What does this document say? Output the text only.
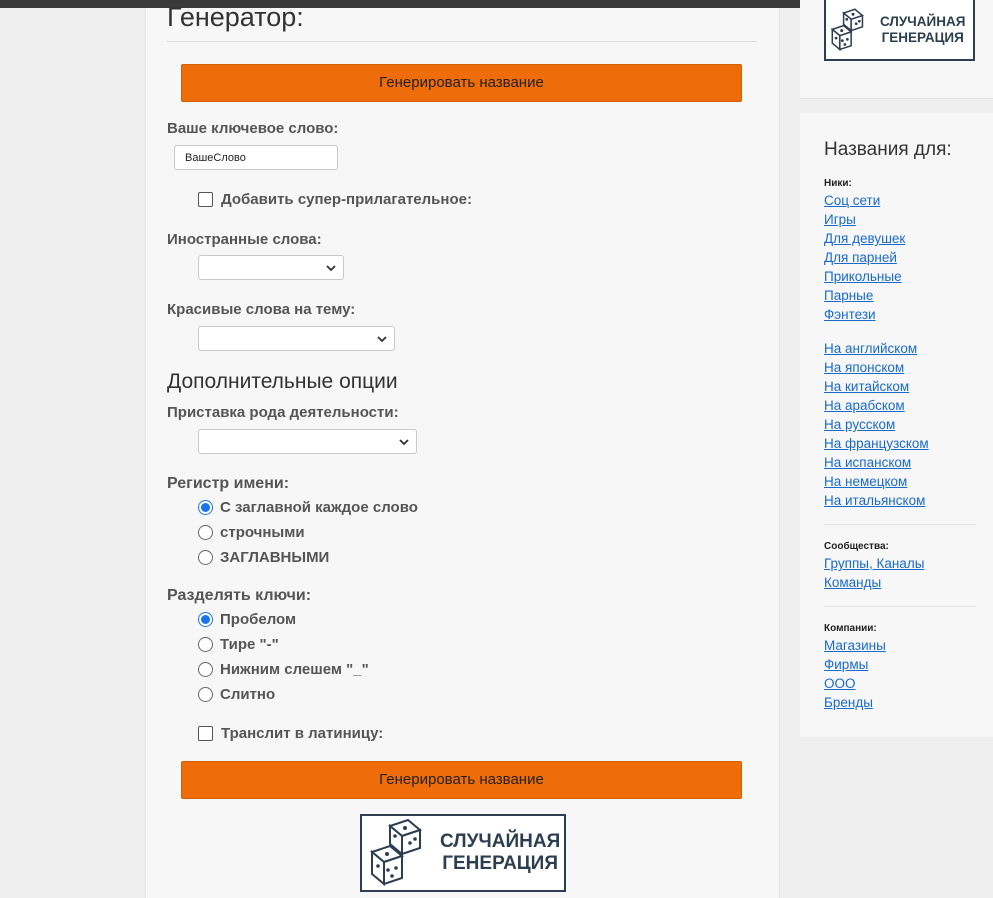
Генератор:
Генерировать название
Ваше ключевое слово:
ВашеСлово
Добавить супер-прилагательное:
Иностранные слова:
Красивые слова на тему:
Дополнительные опции
Приставка рода деятельности:
Регистр имени:
С заглавной каждое слово
строчными
ЗАГЛАВНЫМИ
Разделять ключи:
Пробелом
Тире "-"
Нижним слешем "_"
Слитно
Транслит в латиницу:
Генерировать название
СЛУЧАЙНАЯ
ГЕНЕРАЦИЯ
СЛУЧАЙНАЯ
ГЕНЕРАЦИЯ
Названия для:
Ники:
Соц сети
Игры
Для девушек
Для парней
Прикольные
Парные
Фэнтези
На английском
На японском
На китайском
На арабском
На русском
На французском
На испанском
На немецком
На итальянском
Сообщества:
Группы, Каналы
Команды
Компании:
Магазины
Фирмы
ООО
Бренды
